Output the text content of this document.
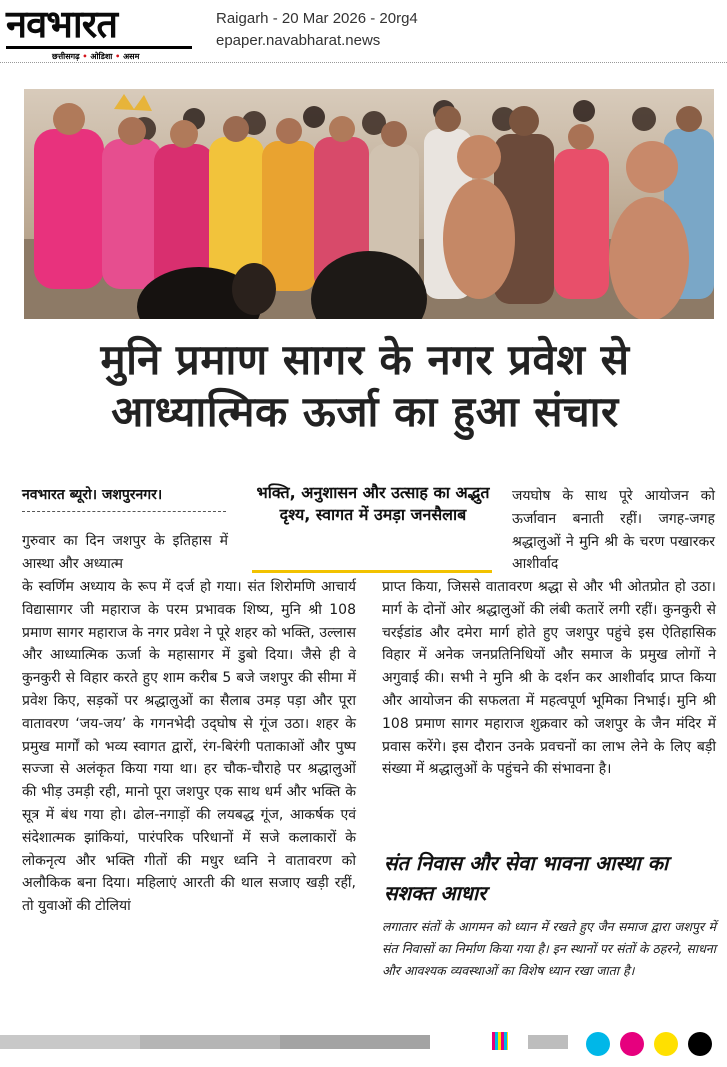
नवभारत
छत्तीसगढ़ • ओडिशा • असम
Raigarh - 20 Mar 2026 - 20rg4
epaper.navabharat.news
मुनि प्रमाण सागर के नगर प्रवेश से
आध्यात्मिक ऊर्जा का हुआ संचार
नवभारत ब्यूरो। जशपुरनगर।	भक्ति, अनुशासन और उत्साह का अद्भुत दृश्य, स्वागत में उमड़ा जनसैलाब

गुरुवार का दिन जशपुर के इतिहास में आस्था और अध्यात्म

के स्वर्णिम अध्याय के रूप में दर्ज हो गया। संत शिरोमणि आचार्य विद्यासागर जी महाराज के परम प्रभावक शिष्य, मुनि श्री 108 प्रमाण सागर महाराज के नगर प्रवेश ने पूरे शहर को भक्ति, उल्लास और आध्यात्मिक ऊर्जा के महासागर में डुबो दिया। जैसे ही वे कुनकुरी से विहार करते हुए शाम करीब 5 बजे जशपुर की सीमा में प्रवेश किए, सड़कों पर श्रद्धालुओं का सैलाब उमड़ पड़ा और पूरा वातावरण ‘जय-जय’ के गगनभेदी उद्‌घोष से गूंज उठा। शहर के प्रमुख मार्गों को भव्य स्वागत द्वारों, रंग-बिरंगी पताकाओं और पुष्प सज्जा से अलंकृत किया गया था। हर चौक-चौराहे पर श्रद्धालुओं की भीड़ उमड़ी रही, मानो पूरा जशपुर एक साथ धर्म और भक्ति के सूत्र में बंध गया हो। ढोल-नगाड़ों की लयबद्ध गूंज, आकर्षक एवं संदेशात्मक झांकियां, पारंपरिक परिधानों में सजे कलाकारों के लोकनृत्य और भक्ति गीतों की मधुर ध्वनि ने वातावरण को अलौकिक बना दिया। महिलाएं आरती की थाल सजाए खड़ी रहीं, तो युवाओं की टोलियां

जयघोष के साथ पूरे आयोजन को ऊर्जावान बनाती रहीं। जगह-जगह श्रद्धालुओं ने मुनि श्री के चरण पखारकर आशीर्वाद

प्राप्त किया, जिससे वातावरण श्रद्धा से और भी ओतप्रोत हो उठा। मार्ग के दोनों ओर श्रद्धालुओं की लंबी कतारें लगी रहीं। कुनकुरी से चरईडांड और दमेरा मार्ग होते हुए जशपुर पहुंचे इस ऐतिहासिक विहार में अनेक जनप्रतिनिधियों और समाज के प्रमुख लोगों ने अगुवाई की। सभी ने मुनि श्री के दर्शन कर आशीर्वाद प्राप्त किया और आयोजन की सफलता में महत्वपूर्ण भूमिका निभाई। मुनि श्री 108 प्रमाण सागर महाराज शुक्रवार को जशपुर के जैन मंदिर में प्रवास करेंगे। इस दौरान उनके प्रवचनों का लाभ लेने के लिए बड़ी संख्या में श्रद्धालुओं के पहुंचने की संभावना है।

संत निवास और सेवा भावना आस्था का सशक्त आधार

लगातार संतों के आगमन को ध्यान में रखते हुए जैन समाज द्वारा जशपुर में संत निवासों का निर्माण किया गया है। इन स्थानों पर संतों के ठहरने, साधना और आवश्यक व्यवस्थाओं का विशेष ध्यान रखा जाता है।
